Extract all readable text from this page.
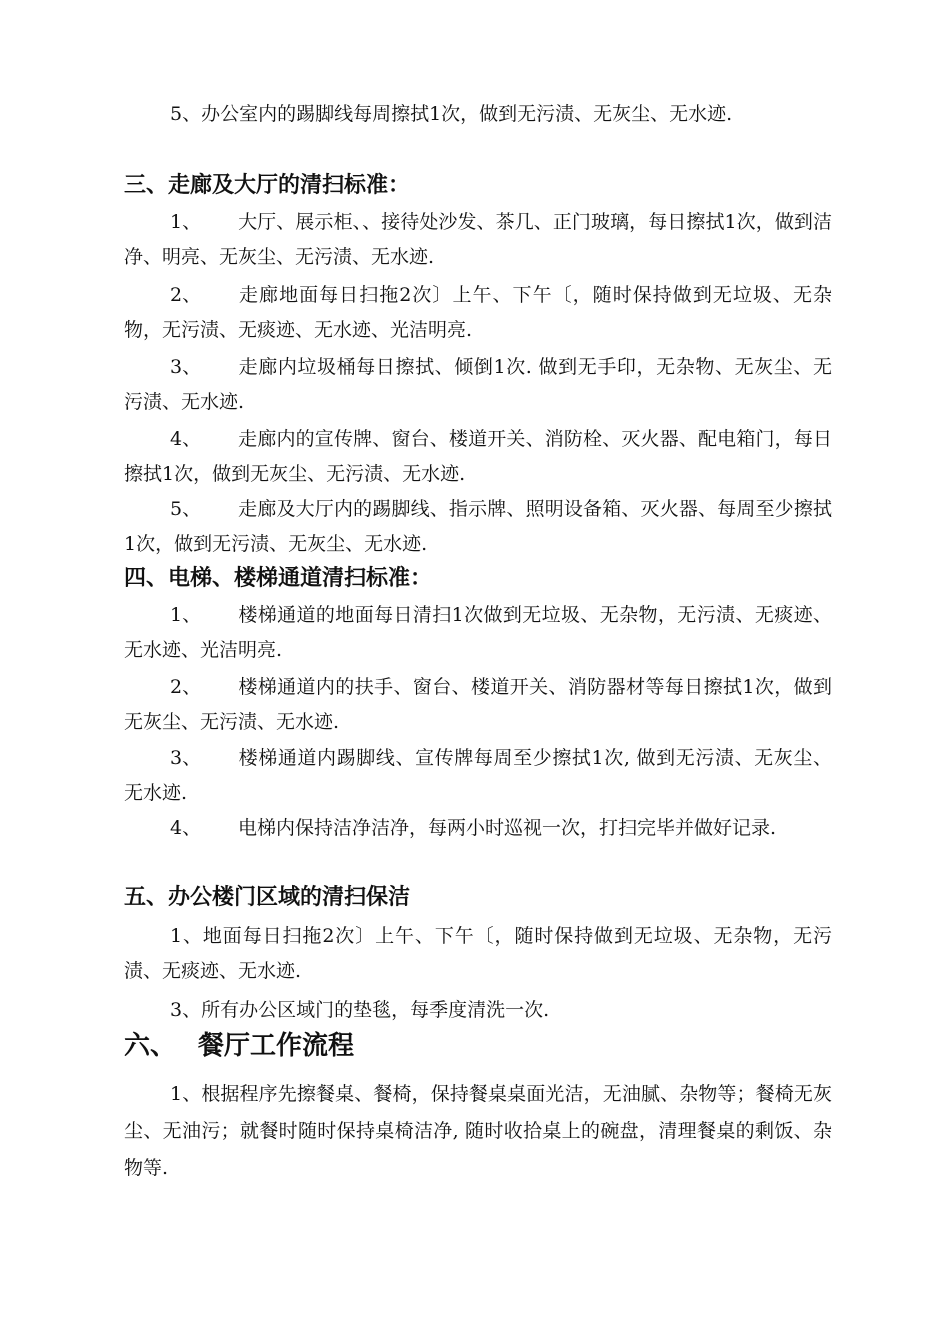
5、办公室内的踢脚线每周擦拭1次，做到无污渍、无灰尘、无水迹.

三、走廊及大厅的清扫标准：

1、 大厅、展示柜、、接待处沙发、茶几、正门玻璃，每日擦拭1次，做到洁净、明亮、无灰尘、无污渍、无水迹.

2、 走廊地面每日扫拖2次〕上午、下午〔，随时保持做到无垃圾、无杂物，无污渍、无痰迹、无水迹、光洁明亮.

3、 走廊内垃圾桶每日擦拭、倾倒1次. 做到无手印，无杂物、无灰尘、无污渍、无水迹.

4、 走廊内的宣传牌、窗台、楼道开关、消防栓、灭火器、配电箱门，每日擦拭1次，做到无灰尘、无污渍、无水迹.

5、 走廊及大厅内的踢脚线、指示牌、照明设备箱、灭火器、每周至少擦拭1次，做到无污渍、无灰尘、无水迹.

四、电梯、楼梯通道清扫标准：

1、 楼梯通道的地面每日清扫1次做到无垃圾、无杂物，无污渍、无痰迹、无水迹、光洁明亮.

2、 楼梯通道内的扶手、窗台、楼道开关、消防器材等每日擦拭1次，做到无灰尘、无污渍、无水迹.

3、 楼梯通道内踢脚线、宣传牌每周至少擦拭1次, 做到无污渍、无灰尘、无水迹.

4、 电梯内保持洁净洁净，每两小时巡视一次，打扫完毕并做好记录.

五、办公楼门区域的清扫保洁

1、地面每日扫拖2次〕上午、下午〔，随时保持做到无垃圾、无杂物，无污渍、无痰迹、无水迹.

3、所有办公区域门的垫毯，每季度清洗一次.

六、 餐厅工作流程

1、根据程序先擦餐桌、餐椅，保持餐桌桌面光洁，无油腻、杂物等；餐椅无灰尘、无油污；就餐时随时保持桌椅洁净, 随时收拾桌上的碗盘，清理餐桌的剩饭、杂物等.
